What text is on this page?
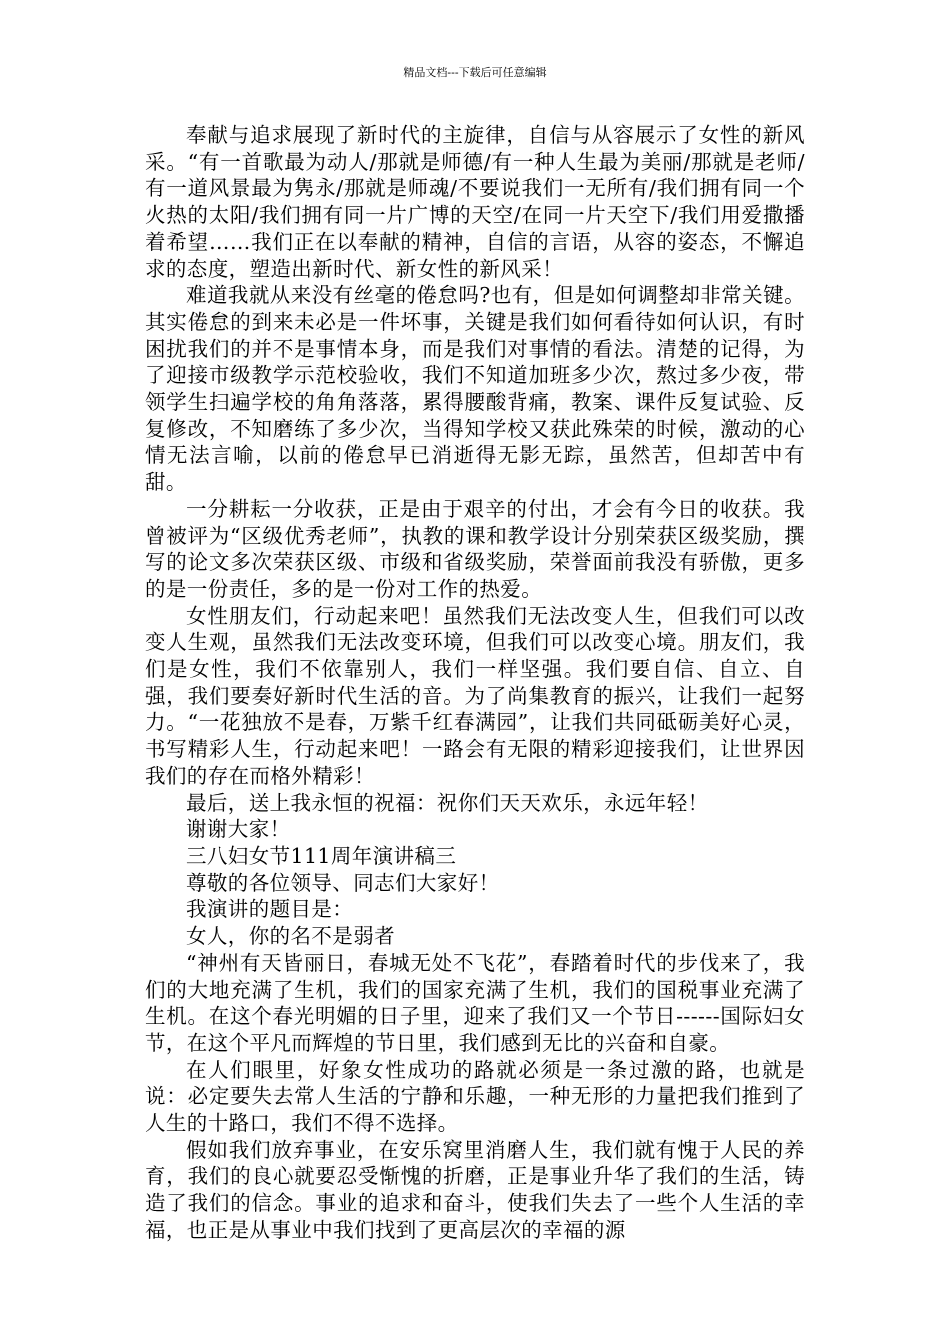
精品文档---下载后可任意编辑

奉献与追求展现了新时代的主旋律，自信与从容展示了女性的新风采。“有一首歌最为动人/那就是师德/有一种人生最为美丽/那就是老师/有一道风景最为隽永/那就是师魂/不要说我们一无所有/我们拥有同一个火热的太阳/我们拥有同一片广博的天空/在同一片天空下/我们用爱撒播着希望……我们正在以奉献的精神，自信的言语，从容的姿态，不懈追求的态度，塑造出新时代、新女性的新风采！

难道我就从来没有丝毫的倦怠吗?也有，但是如何调整却非常关键。其实倦怠的到来未必是一件坏事，关键是我们如何看待如何认识，有时困扰我们的并不是事情本身，而是我们对事情的看法。清楚的记得，为了迎接市级教学示范校验收，我们不知道加班多少次，熬过多少夜，带领学生扫遍学校的角角落落，累得腰酸背痛，教案、课件反复试验、反复修改，不知磨练了多少次，当得知学校又获此殊荣的时候，激动的心情无法言喻，以前的倦怠早已消逝得无影无踪，虽然苦，但却苦中有甜。

一分耕耘一分收获，正是由于艰辛的付出，才会有今日的收获。我曾被评为“区级优秀老师”，执教的课和教学设计分别荣获区级奖励，撰写的论文多次荣获区级、市级和省级奖励，荣誉面前我没有骄傲，更多的是一份责任，多的是一份对工作的热爱。

女性朋友们，行动起来吧！虽然我们无法改变人生，但我们可以改变人生观，虽然我们无法改变环境，但我们可以改变心境。朋友们，我们是女性，我们不依靠别人，我们一样坚强。我们要自信、自立、自强，我们要奏好新时代生活的音。为了尚集教育的振兴，让我们一起努力。“一花独放不是春，万紫千红春满园”，让我们共同砥砺美好心灵，书写精彩人生，行动起来吧！一路会有无限的精彩迎接我们，让世界因我们的存在而格外精彩！

最后，送上我永恒的祝福：祝你们天天欢乐，永远年轻！

谢谢大家！

三八妇女节111周年演讲稿三

尊敬的各位领导、同志们大家好！

我演讲的题目是：

女人，你的名不是弱者

“神州有天皆丽日，春城无处不飞花”，春踏着时代的步伐来了，我们的大地充满了生机，我们的国家充满了生机，我们的国税事业充满了生机。在这个春光明媚的日子里，迎来了我们又一个节日------国际妇女节，在这个平凡而辉煌的节日里，我们感到无比的兴奋和自豪。

在人们眼里，好象女性成功的路就必须是一条过激的路，也就是说：必定要失去常人生活的宁静和乐趣，一种无形的力量把我们推到了人生的十路口，我们不得不选择。

假如我们放弃事业，在安乐窝里消磨人生，我们就有愧于人民的养育，我们的良心就要忍受惭愧的折磨，正是事业升华了我们的生活，铸造了我们的信念。事业的追求和奋斗，使我们失去了一些个人生活的幸福，也正是从事业中我们找到了更高层次的幸福的源
